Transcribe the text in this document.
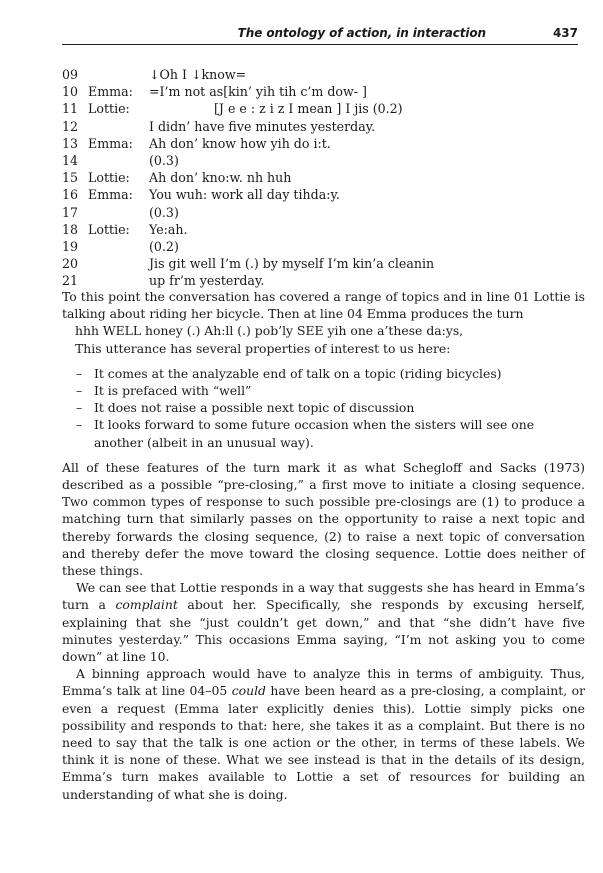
The ontology of action, in interaction	437
09	↓Oh I ↓know=
10 Emma: =I’m not as[kin’ yih tih c’m dow- ]
11 Lottie:	[J e e : z i z I mean ] I jis (0.2)
12	I didn’ have five minutes yesterday.
13 Emma: Ah don’ know how yih do i:t.
14	(0.3)
15 Lottie: Ah don’ kno:w. nh huh
16 Emma: You wuh: work all day tihda:y.
17	(0.3)
18 Lottie: Ye:ah.
19	(0.2)
20	Jis git well I’m (.) by myself I’m kin’a cleanin
21	up fr’m yesterday.

To this point the conversation has covered a range of topics and in line 01 Lottie is talking about riding her bicycle. Then at line 04 Emma produces the turn

hhh WELL honey (.) Ah:ll (.) pob’ly SEE yih one a’these da:ys,

This utterance has several properties of interest to us here:

– It comes at the analyzable end of talk on a topic (riding bicycles)
– It is prefaced with “well”
– It does not raise a possible next topic of discussion
– It looks forward to some future occasion when the sisters will see one another (albeit in an unusual way).

All of these features of the turn mark it as what Schegloff and Sacks (1973) described as a possible “pre-closing,” a first move to initiate a closing sequence. Two common types of response to such possible pre-closings are (1) to produce a matching turn that similarly passes on the opportunity to raise a next topic and thereby forwards the closing sequence, (2) to raise a next topic of conversation and thereby defer the move toward the closing sequence. Lottie does neither of these things.

We can see that Lottie responds in a way that suggests she has heard in Emma’s turn a complaint about her. Specifically, she responds by excusing herself, explaining that she “just couldn’t get down,” and that “she didn’t have five minutes yesterday.” This occasions Emma saying, “I’m not asking you to come down” at line 10.

A binning approach would have to analyze this in terms of ambiguity. Thus, Emma’s talk at line 04–05 could have been heard as a pre-closing, a complaint, or even a request (Emma later explicitly denies this). Lottie simply picks one possibility and responds to that: here, she takes it as a complaint. But there is no need to say that the talk is one action or the other, in terms of these labels. We think it is none of these. What we see instead is that in the details of its design, Emma’s turn makes available to Lottie a set of resources for building an understanding of what she is doing.
